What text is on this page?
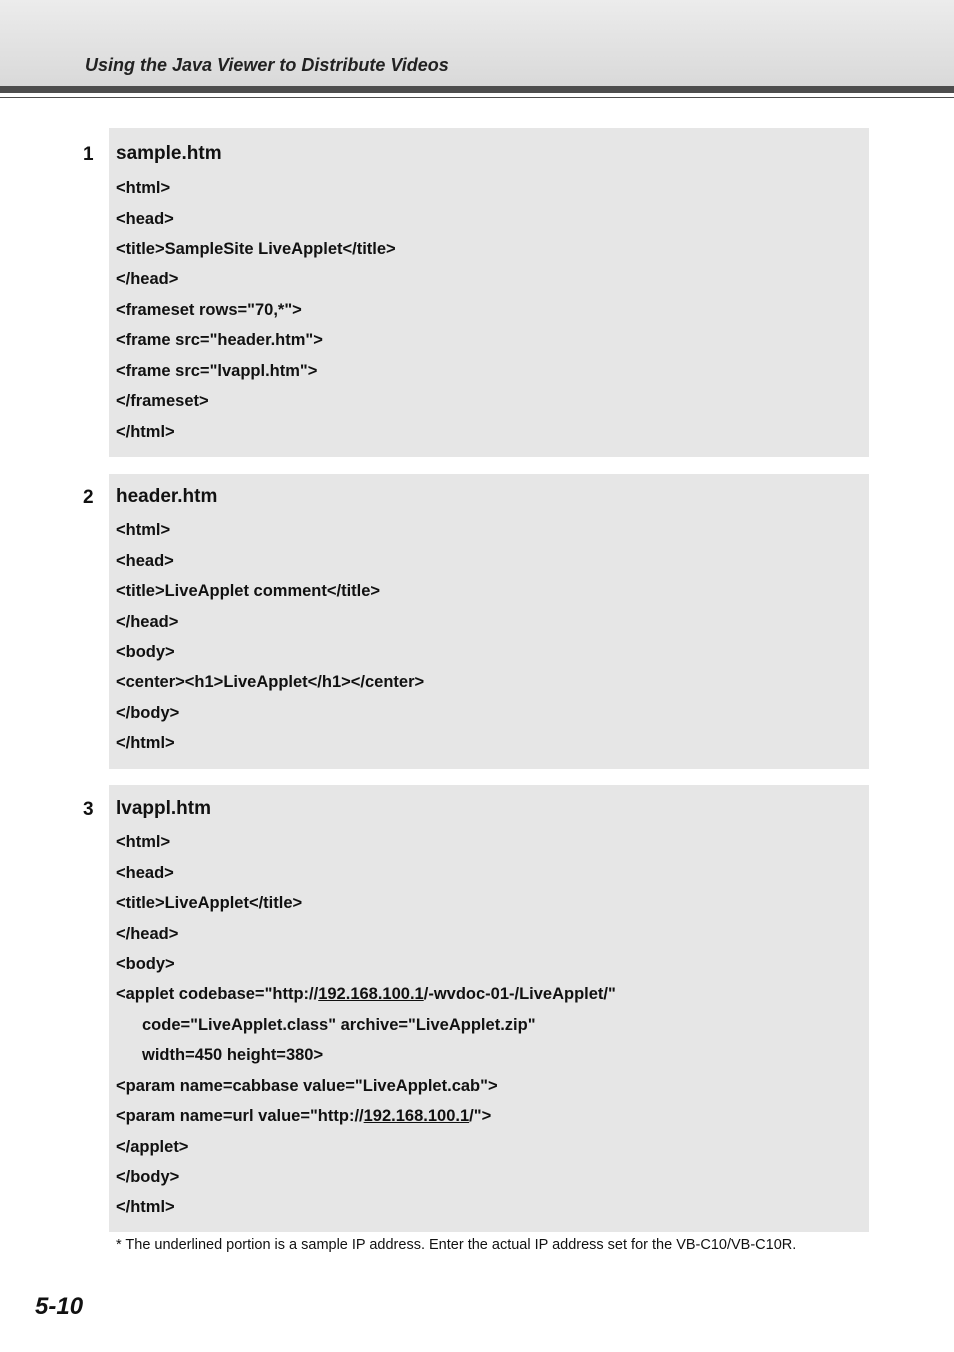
Using the Java Viewer to Distribute Videos
1 sample.htm
<html>
<head>
<title>SampleSite LiveApplet</title>
</head>
<frameset rows="70,*">
<frame src="header.htm">
<frame src="lvappl.htm">
</frameset>
</html>
2 header.htm
<html>
<head>
<title>LiveApplet comment</title>
</head>
<body>
<center><h1>LiveApplet</h1></center>
</body>
</html>
3 lvappl.htm
<html>
<head>
<title>LiveApplet</title>
</head>
<body>
<applet codebase="http://192.168.100.1/-wvdoc-01-/LiveApplet/"
code="LiveApplet.class" archive="LiveApplet.zip"
width=450 height=380>
<param name=cabbase value="LiveApplet.cab">
<param name=url value="http://192.168.100.1/">
</applet>
</body>
</html>
* The underlined portion is a sample IP address. Enter the actual IP address set for the VB-C10/VB-C10R.
5-10
